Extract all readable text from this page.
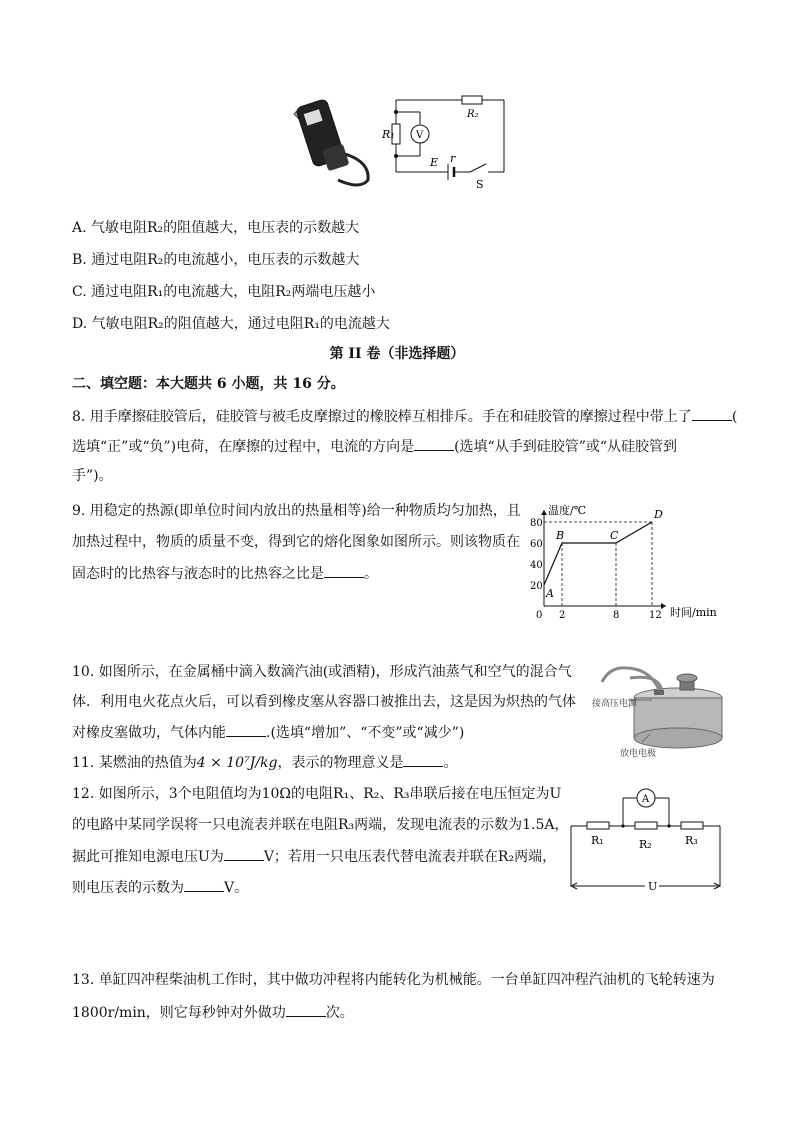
R₁
R₂
V
E r
S
A. 气敏电阻R₂的阻值越大，电压表的示数越大
B. 通过电阻R₂的电流越小，电压表的示数越大
C. 通过电阻R₁的电流越大，电阻R₂两端电压越小
D. 气敏电阻R₂的阻值越大，通过电阻R₁的电流越大
第 II 卷（非选择题）
二、填空题：本大题共 6 小题，共 16 分。
8. 用手摩擦硅胶管后，硅胶管与被毛皮摩擦过的橡胶棒互相排斥。手在和硅胶管的摩擦过程中带上了	(
选填“正”或“负”)电荷，在摩擦的过程中，电流的方向是	(选填“从手到硅胶管”或“从硅胶管到
手”)。
9. 用稳定的热源(即单位时间内放出的热量相等)给一种物质均匀加热，且
加热过程中，物质的质量不变，得到它的熔化图象如图所示。则该物质在
固态时的比热容与液态时的比热容之比是	。
温度/℃
时间/min
0
20
40
60
80
2	8	12
A
B	C
D
10. 如图所示，在金属桶中滴入数滴汽油(或酒精)，形成汽油蒸气和空气的混合气
体．利用电火花点火后，可以看到橡皮塞从容器口被推出去，这是因为炽热的气体
对橡皮塞做功，气体内能	.(选填“增加”、“不变”或“减少”)
接高压电源
放电电极
11. 某燃油的热值为4 × 10⁷J/kg，表示的物理意义是	。
12. 如图所示，3个电阻值均为10Ω的电阻R₁、R₂、R₃串联后接在电压恒定为U
的电路中某同学误将一只电流表并联在电阻R₃两端，发现电流表的示数为1.5A，
据此可推知电源电压U为	V；若用一只电压表代替电流表并联在R₂两端，
则电压表的示数为	V。
A
R₁	R₂	R₃
U
13. 单缸四冲程柴油机工作时，其中做功冲程将内能转化为机械能。一台单缸四冲程汽油机的飞轮转速为
1800r/min，则它每秒钟对外做功	次。
